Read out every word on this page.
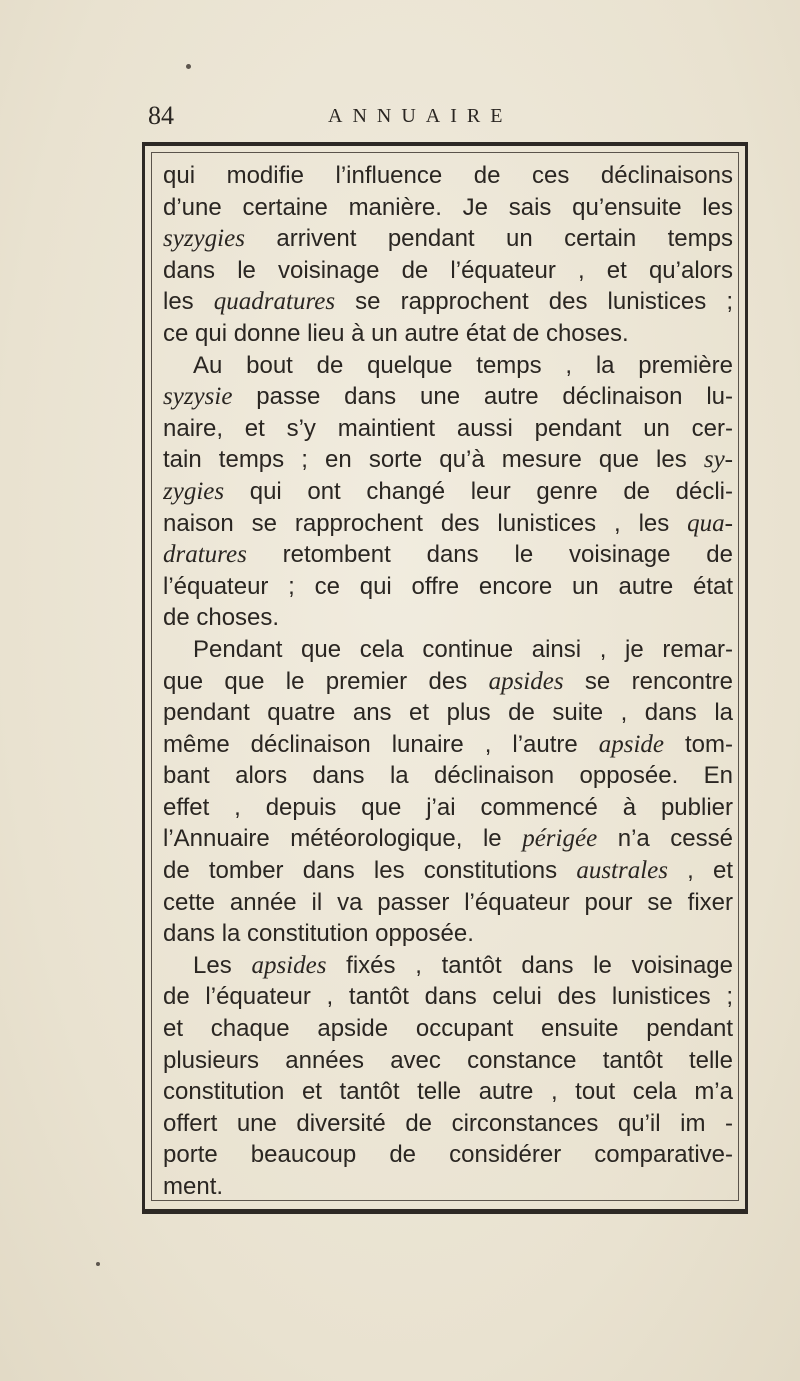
84	ANNUAIRE
qui modifie l’influence de ces déclinaisons
d’une certaine manière. Je sais qu’ensuite les
syzygies arrivent pendant un certain temps
dans le voisinage de l’équateur , et qu’alors
les quadratures se rapprochent des lunistices ;
ce qui donne lieu à un autre état de choses.
Au bout de quelque temps , la première
syzysie passe dans une autre déclinaison lu-
naire, et s’y maintient aussi pendant un cer-
tain temps ; en sorte qu’à mesure que les sy-
zygies qui ont changé leur genre de décli-
naison se rapprochent des lunistices , les qua-
dratures retombent dans le voisinage de
l’équateur ; ce qui offre encore un autre état
de choses.
Pendant que cela continue ainsi , je remar-
que que le premier des apsides se rencontre
pendant quatre ans et plus de suite , dans la
même déclinaison lunaire , l’autre apside tom-
bant alors dans la déclinaison opposée. En
effet , depuis que j’ai commencé à publier
l’Annuaire météorologique, le périgée n’a cessé
de tomber dans les constitutions australes , et
cette année il va passer l’équateur pour se fixer
dans la constitution opposée.
Les apsides fixés , tantôt dans le voisinage
de l’équateur , tantôt dans celui des lunistices ;
et chaque apside occupant ensuite pendant
plusieurs années avec constance tantôt telle
constitution et tantôt telle autre , tout cela m’a
offert une diversité de circonstances qu’il im -
porte beaucoup de considérer comparative-
ment.
